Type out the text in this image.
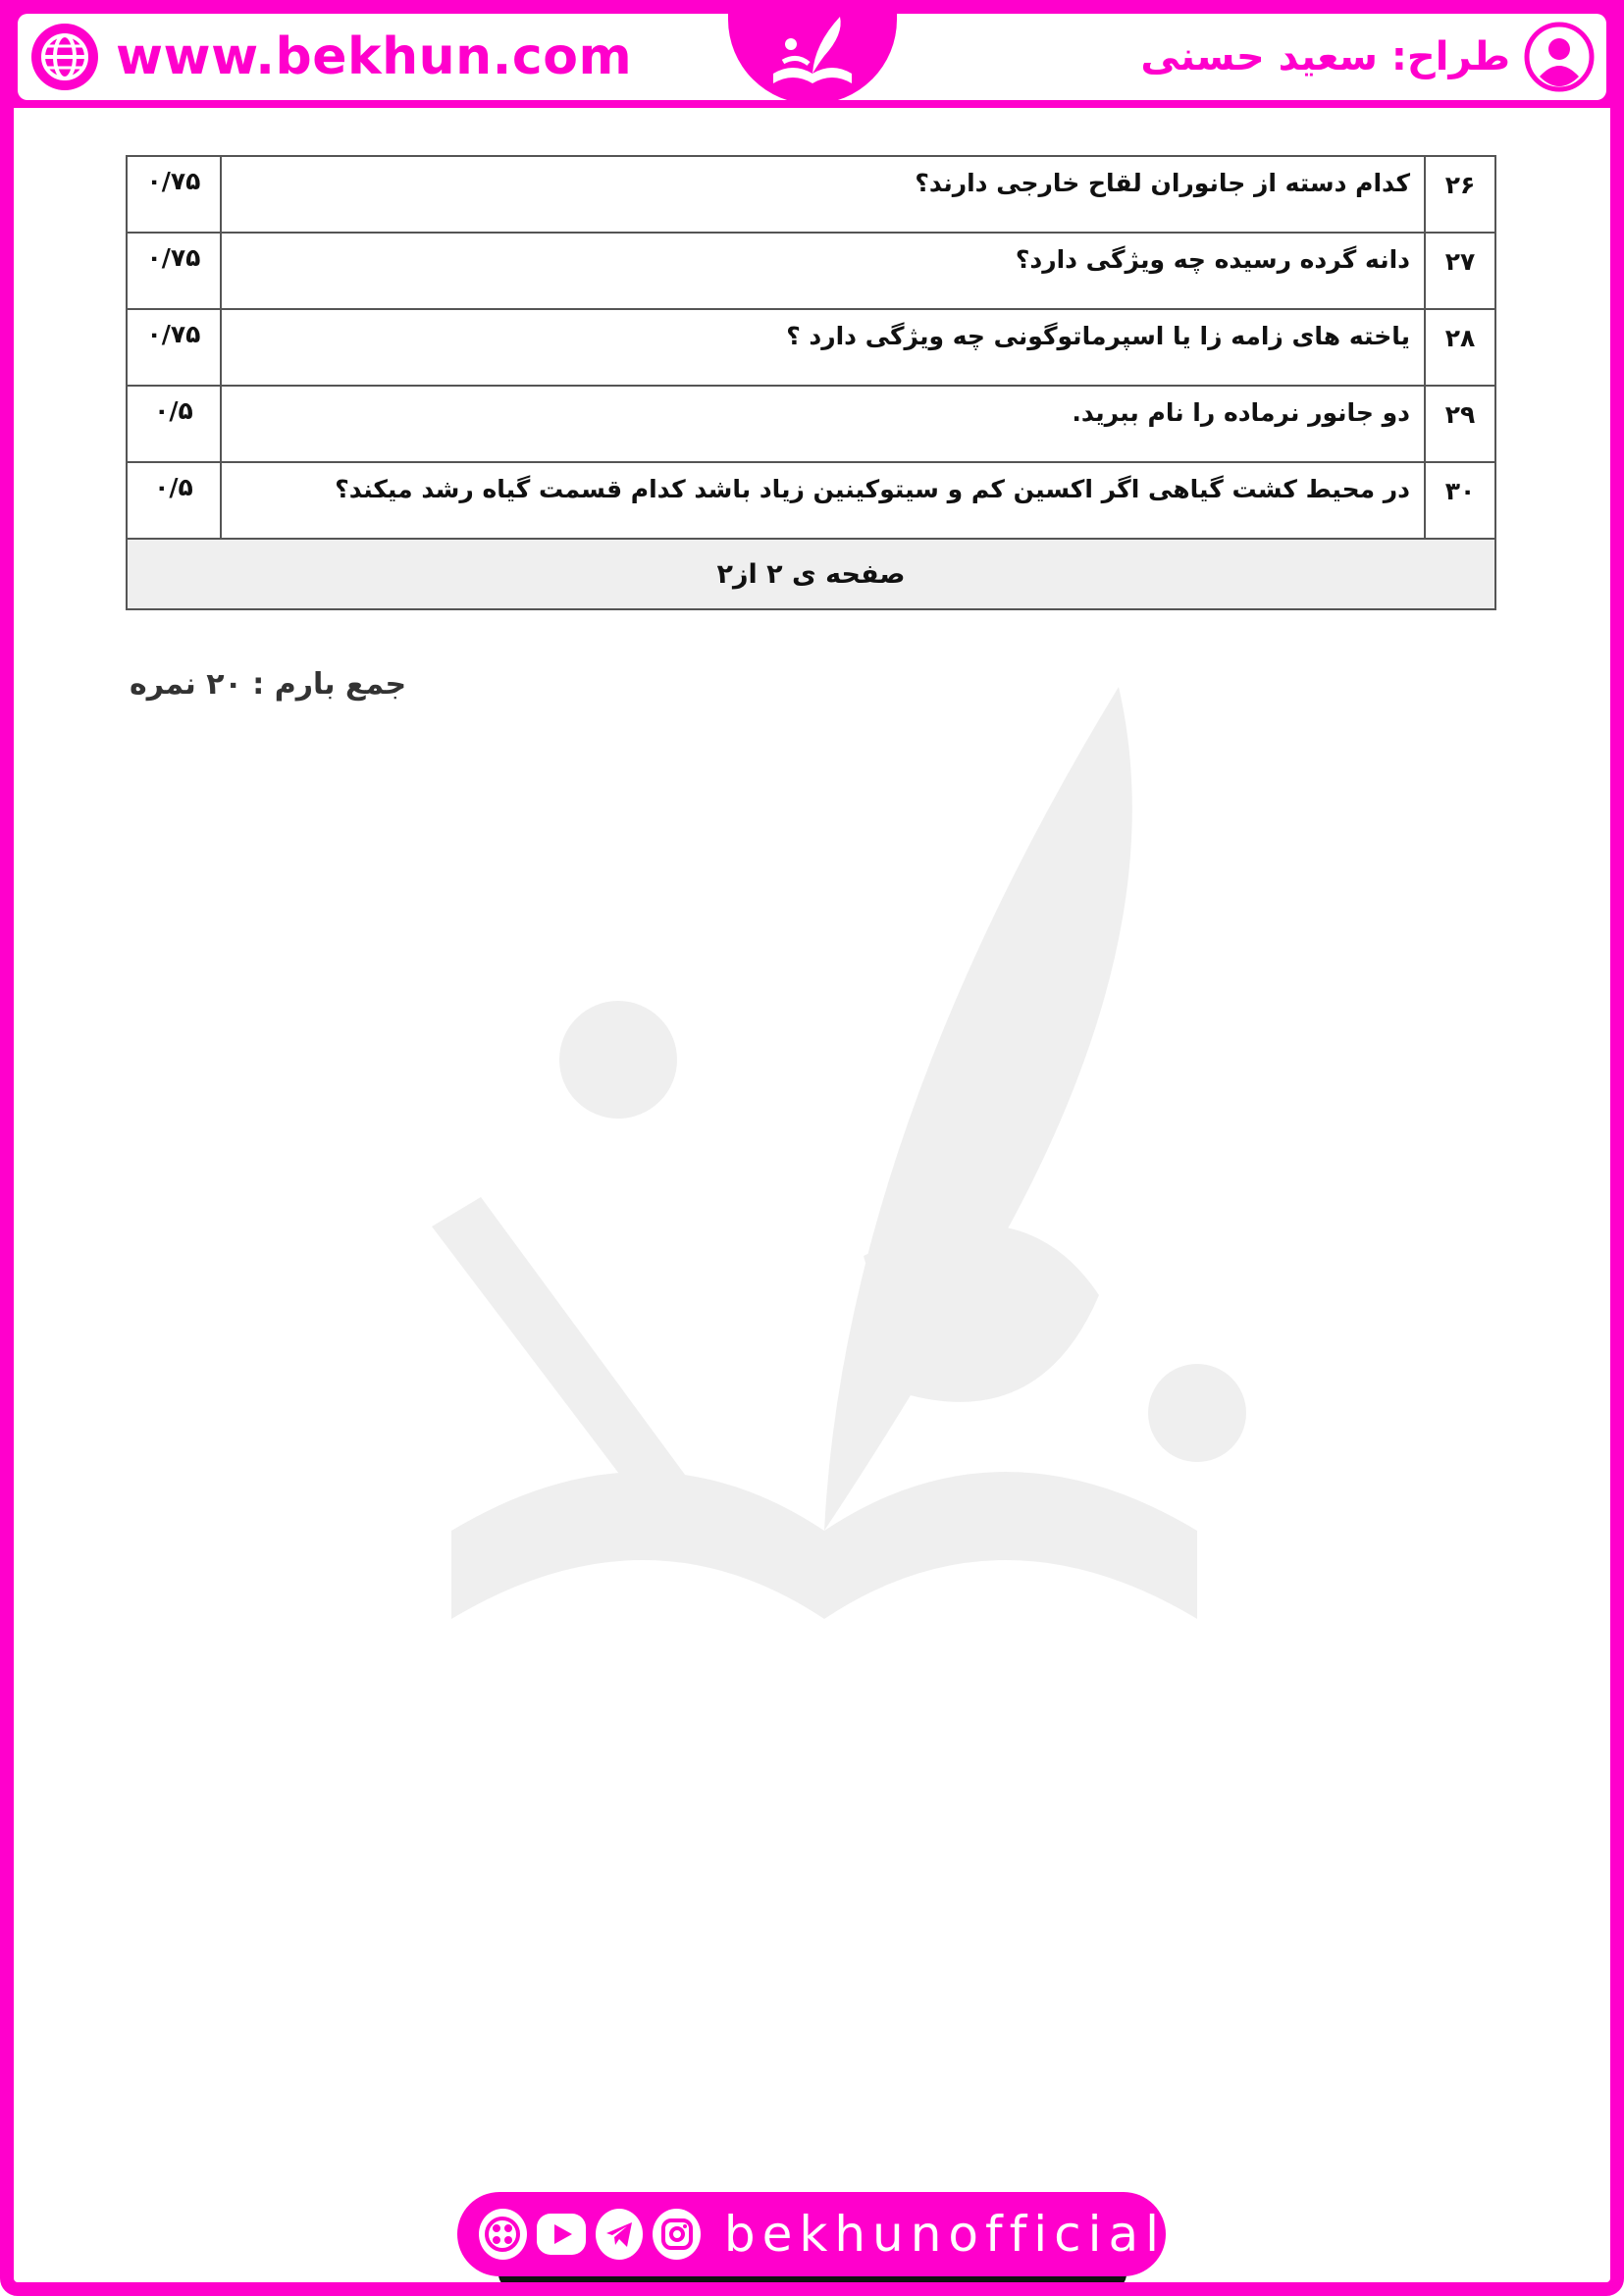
www.bekhun.com	طراح: سعید حسنی
۲۶	کدام دسته از جانوران لقاح خارجی دارند؟	۰/۷۵
۲۷	دانه گرده رسیده چه ویژگی دارد؟	۰/۷۵
۲۸	یاخته های زامه زا یا اسپرماتوگونی چه ویژگی دارد ؟	۰/۷۵
۲۹	دو جانور نرماده را نام ببرید.	۰/۵
۳۰	در محیط کشت گیاهی اگر اکسین کم و سیتوکینین زیاد باشد کدام قسمت گیاه رشد میکند؟	۰/۵
صفحه ی ۲ از۲		
جمع بارم : ۲۰ نمره
bekhunofficial
